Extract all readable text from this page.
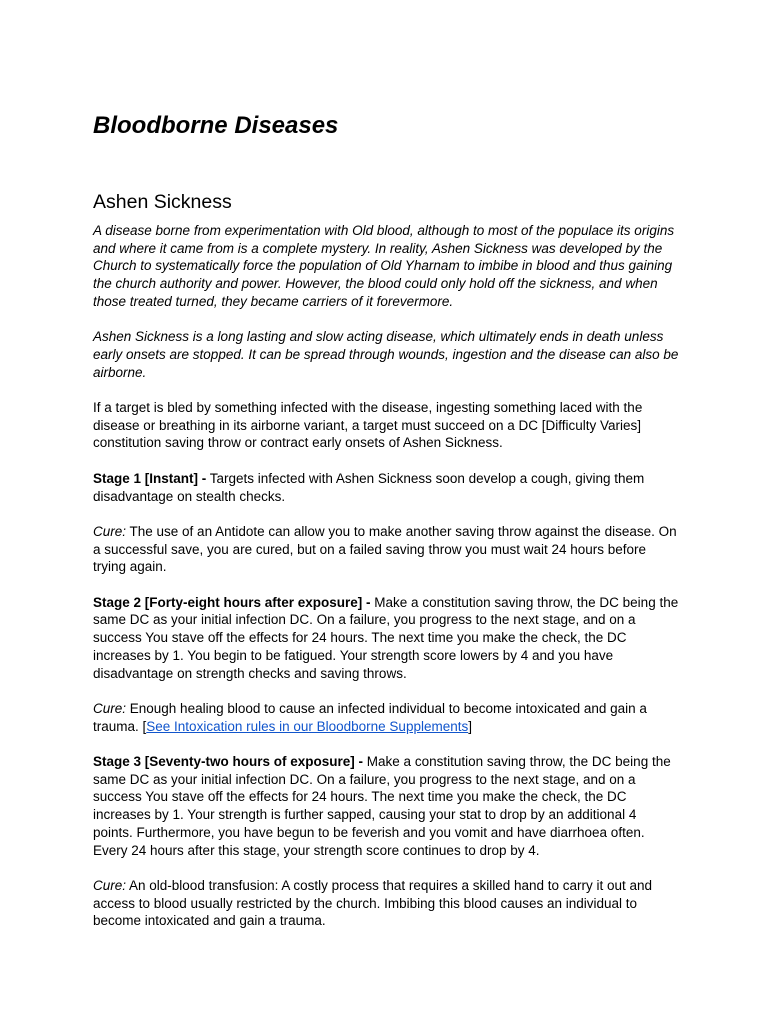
Bloodborne Diseases
Ashen Sickness

A disease borne from experimentation with Old blood, although to most of the populace its origins and where it came from is a complete mystery. In reality, Ashen Sickness was developed by the Church to systematically force the population of Old Yharnam to imbibe in blood and thus gaining the church authority and power. However, the blood could only hold off the sickness, and when those treated turned, they became carriers of it forevermore.

Ashen Sickness is a long lasting and slow acting disease, which ultimately ends in death unless early onsets are stopped. It can be spread through wounds, ingestion and the disease can also be airborne.

If a target is bled by something infected with the disease, ingesting something laced with the disease or breathing in its airborne variant, a target must succeed on a DC [Difficulty Varies] constitution saving throw or contract early onsets of Ashen Sickness.

Stage 1 [Instant] - Targets infected with Ashen Sickness soon develop a cough, giving them disadvantage on stealth checks.

Cure: The use of an Antidote can allow you to make another saving throw against the disease. On a successful save, you are cured, but on a failed saving throw you must wait 24 hours before trying again.

Stage 2 [Forty-eight hours after exposure] - Make a constitution saving throw, the DC being the same DC as your initial infection DC. On a failure, you progress to the next stage, and on a success You stave off the effects for 24 hours. The next time you make the check, the DC increases by 1. You begin to be fatigued. Your strength score lowers by 4 and you have disadvantage on strength checks and saving throws.

Cure: Enough healing blood to cause an infected individual to become intoxicated and gain a trauma. [See Intoxication rules in our Bloodborne Supplements]

Stage 3 [Seventy-two hours of exposure] - Make a constitution saving throw, the DC being the same DC as your initial infection DC. On a failure, you progress to the next stage, and on a success You stave off the effects for 24 hours. The next time you make the check, the DC increases by 1. Your strength is further sapped, causing your stat to drop by an additional 4 points. Furthermore, you have begun to be feverish and you vomit and have diarrhoea often. Every 24 hours after this stage, your strength score continues to drop by 4.

Cure: An old-blood transfusion: A costly process that requires a skilled hand to carry it out and access to blood usually restricted by the church. Imbibing this blood causes an individual to become intoxicated and gain a trauma.
